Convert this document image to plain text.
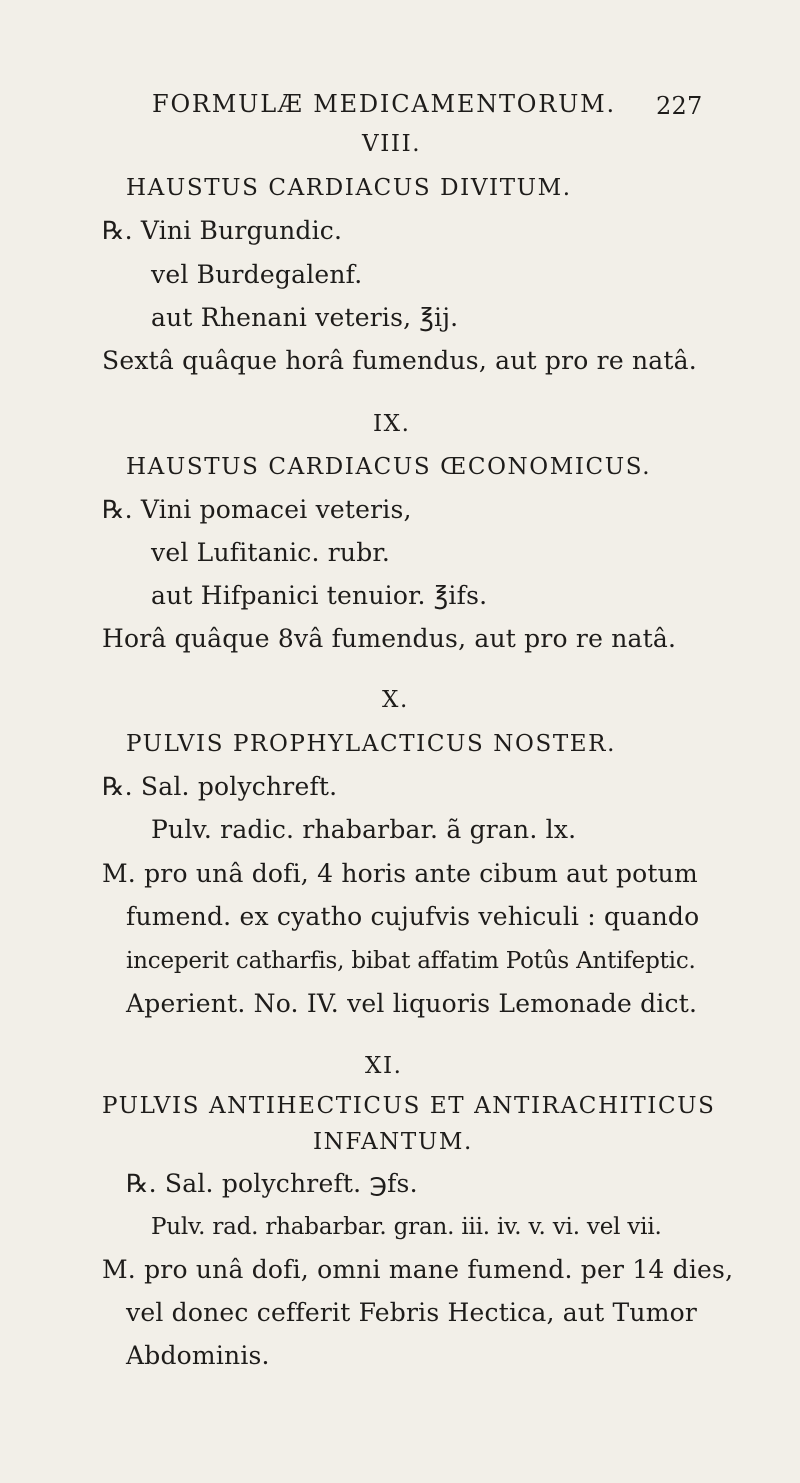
FORMULÆ MEDICAMENTORUM. 227
VIII.
HAUSTUS CARDIACUS DIVITUM.
℞. Vini Burgundic.
vel Burdegalenf.
aut Rhenani veteris, ℥ij.
Sextâ quâque horâ fumendus, aut pro re natâ.
IX.
HAUSTUS CARDIACUS ŒCONOMICUS.
℞. Vini pomacei veteris,
vel Lufitanic. rubr.
aut Hifpanici tenuior. ℥ifs.
Horâ quâque 8vâ fumendus, aut pro re natâ.
X.
PULVIS PROPHYLACTICUS NOSTER.
℞. Sal. polychreft.
Pulv. radic. rhabarbar. ã gran. lx.
M. pro unâ dofi, 4 horis ante cibum aut potum
fumend. ex cyatho cujufvis vehiculi : quando
inceperit catharfis, bibat affatim Potûs Antifeptic.
Aperient. No. IV. vel liquoris Lemonade dict.
XI.
PULVIS ANTIHECTICUS ET ANTIRACHITICUS
INFANTUM.
℞. Sal. polychreft. ℈fs.
Pulv. rad. rhabarbar. gran. iii. iv. v. vi. vel vii.
M. pro unâ dofi, omni mane fumend. per 14 dies,
vel donec cefferit Febris Hectica, aut Tumor
Abdominis.
